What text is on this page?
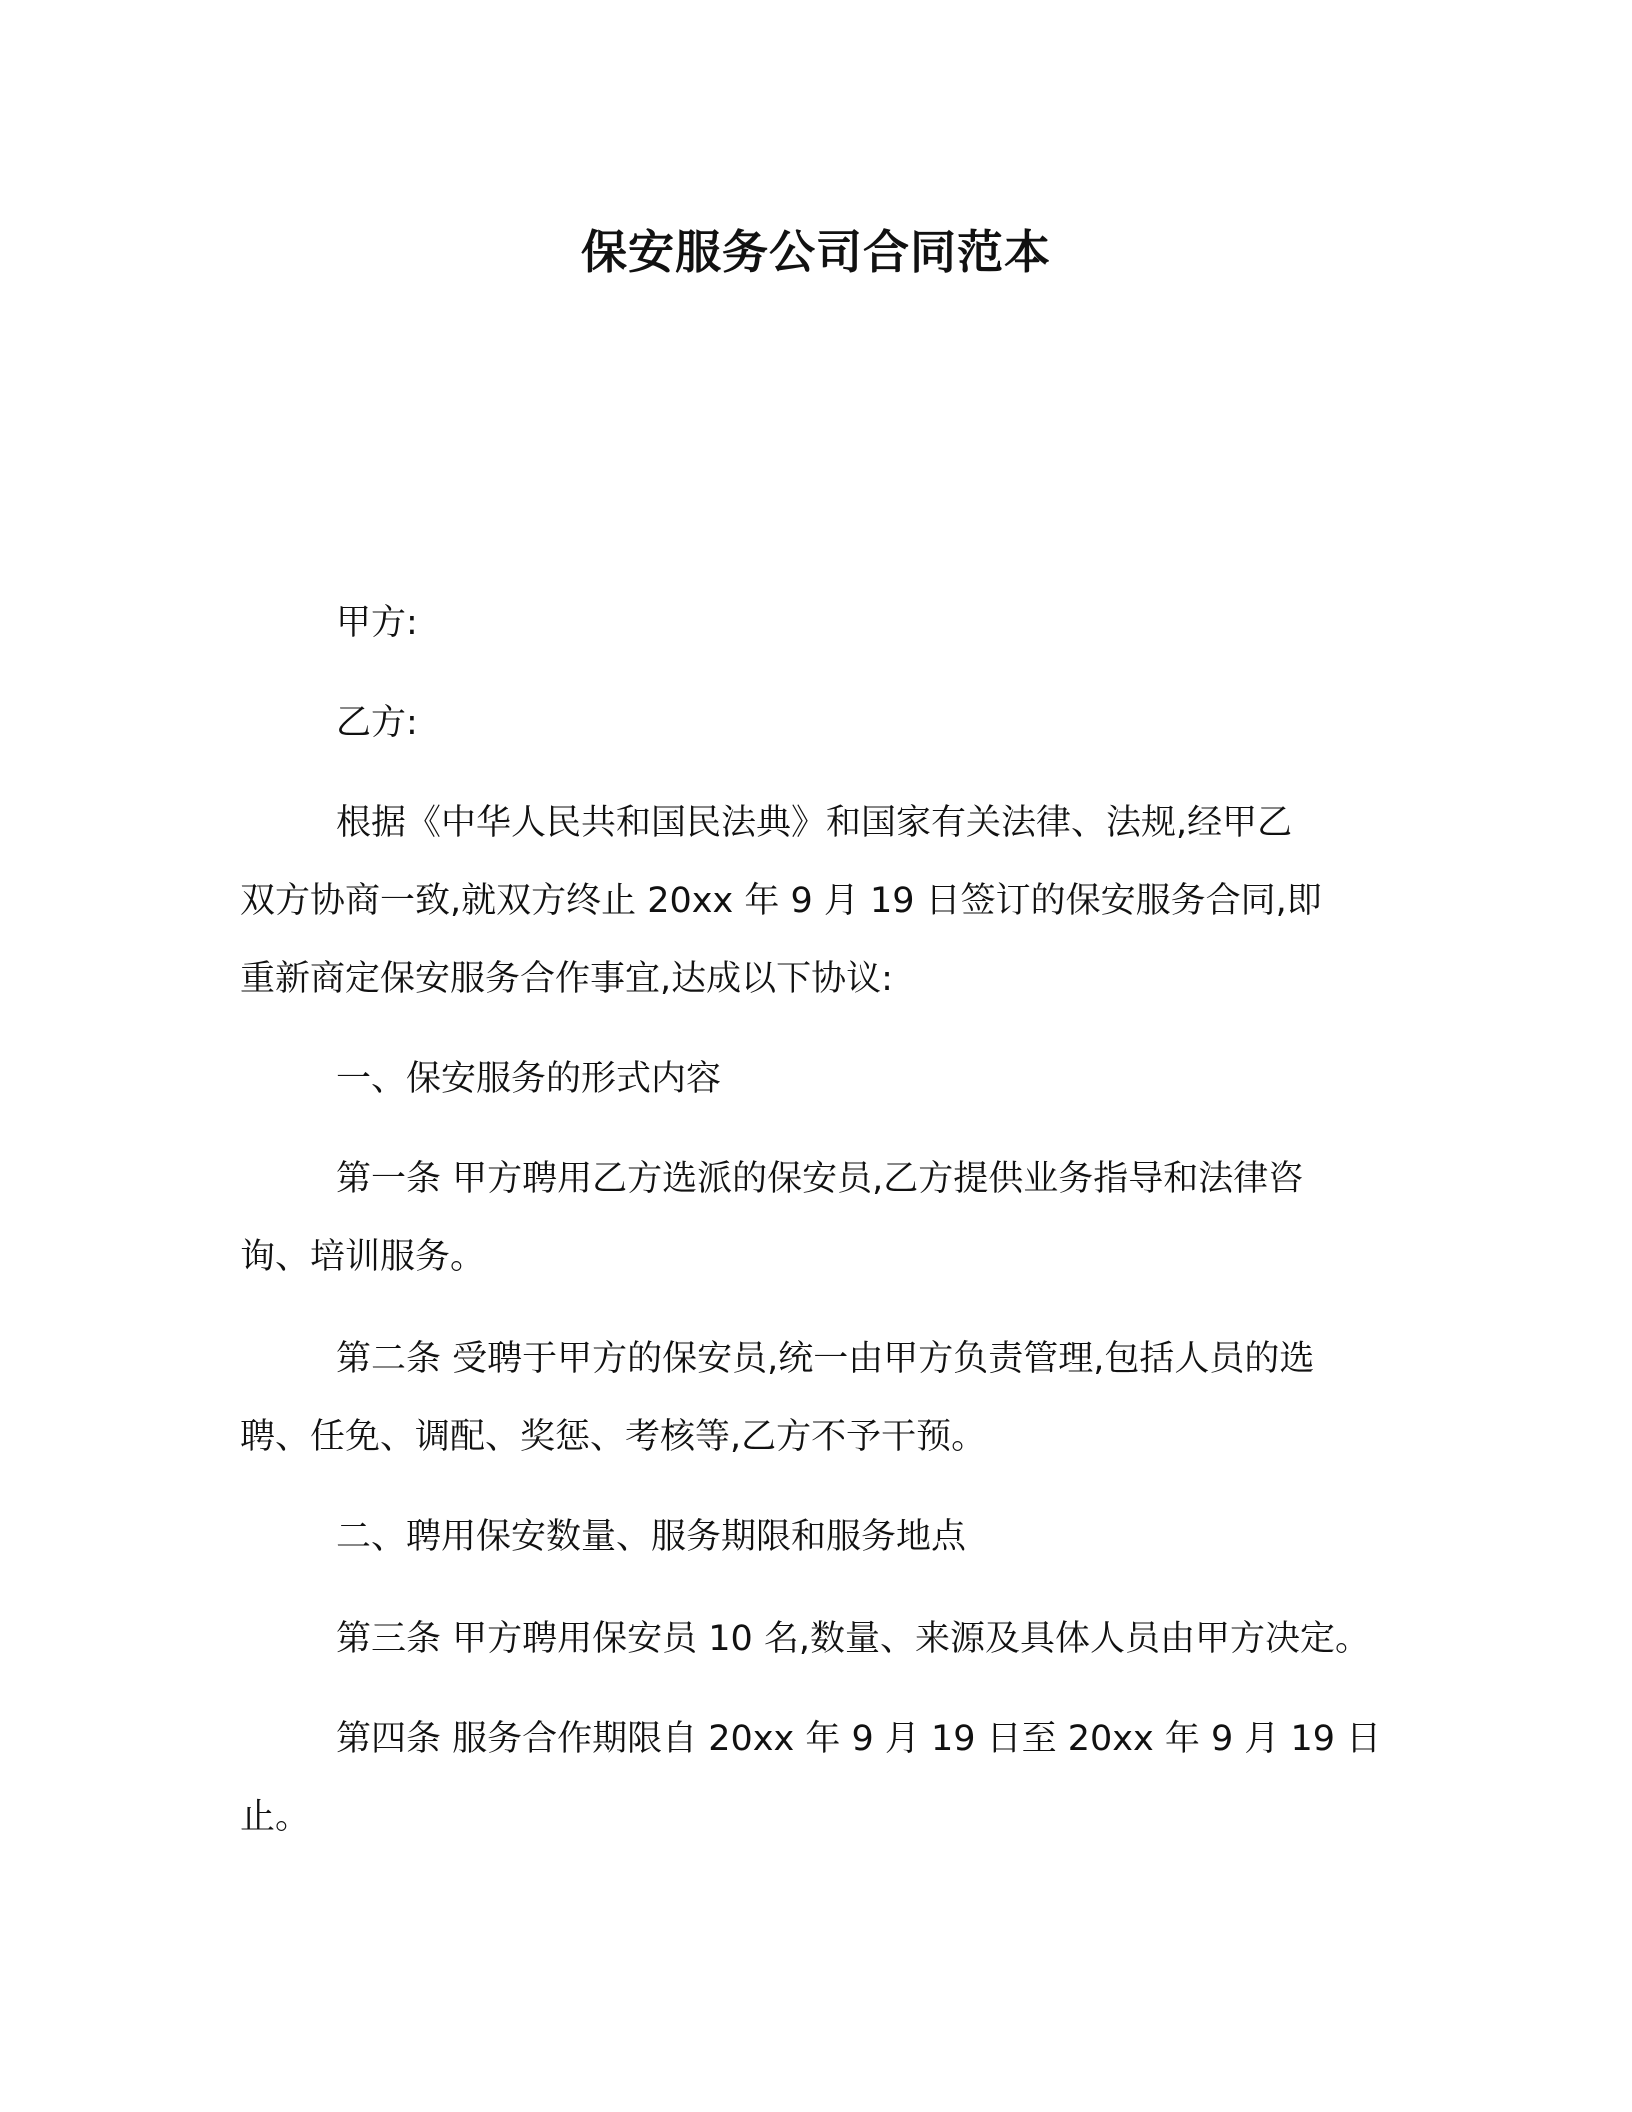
保安服务公司合同范本
甲方:
乙方:
根据《中华人民共和国民法典》和国家有关法律、法规,经甲乙
双方协商一致,就双方终止 20xx 年 9 月 19 日签订的保安服务合同,即
重新商定保安服务合作事宜,达成以下协议:
一、保安服务的形式内容
第一条 甲方聘用乙方选派的保安员,乙方提供业务指导和法律咨
询、培训服务。
第二条 受聘于甲方的保安员,统一由甲方负责管理,包括人员的选
聘、任免、调配、奖惩、考核等,乙方不予干预。
二、聘用保安数量、服务期限和服务地点
第三条 甲方聘用保安员 10 名,数量、来源及具体人员由甲方决定。
第四条 服务合作期限自 20xx 年 9 月 19 日至 20xx 年 9 月 19 日
止。
